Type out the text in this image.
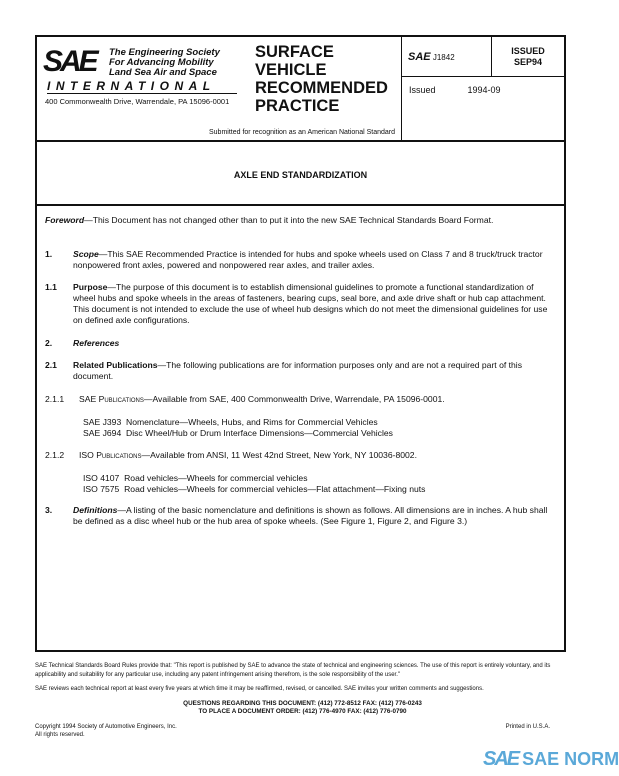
SAE	The Engineering Society
For Advancing Mobility
Land Sea Air and Space
INTERNATIONAL
400 Commonwealth Drive, Warrendale, PA 15096-0001
SURFACE
VEHICLE
RECOMMENDED
PRACTICE
Submitted for recognition as an American National Standard
SAE J1842
ISSUED
SEP94
Issued	1994-09
AXLE END STANDARDIZATION
Foreword—This Document has not changed other than to put it into the new SAE Technical Standards Board Format.
1.	Scope—This SAE Recommended Practice is intended for hubs and spoke wheels used on Class 7 and 8 truck/truck tractor nonpowered front axles, powered and nonpowered rear axles, and trailer axles.
1.1	Purpose—The purpose of this document is to establish dimensional guidelines to promote a functional standardization of wheel hubs and spoke wheels in the areas of fasteners, bearing cups, seal bore, and axle drive shaft or hub cap attachment. This document is not intended to exclude the use of wheel hub designs which do not meet the dimensional guidelines for use on defined axle configurations.
2.	References
2.1	Related Publications—The following publications are for information purposes only and are not a required part of this document.
2.1.1	SAE Publications—Available from SAE, 400 Commonwealth Drive, Warrendale, PA 15096-0001.
SAE J393 Nomenclature—Wheels, Hubs, and Rims for Commercial Vehicles
SAE J694 Disc Wheel/Hub or Drum Interface Dimensions—Commercial Vehicles
2.1.2	ISO Publications—Available from ANSI, 11 West 42nd Street, New York, NY 10036-8002.
ISO 4107 Road vehicles—Wheels for commercial vehicles
ISO 7575 Road vehicles—Wheels for commercial vehicles—Flat attachment—Fixing nuts
3.	Definitions—A listing of the basic nomenclature and definitions is shown as follows. All dimensions are in inches. A hub shall be defined as a disc wheel hub or the hub area of spoke wheels. (See Figure 1, Figure 2, and Figure 3.)
SAE Technical Standards Board Rules provide that: "This report is published by SAE to advance the state of technical and engineering sciences. The use of this report is entirely voluntary, and its applicability and suitability for any particular use, including any patent infringement arising therefrom, is the sole responsibility of the user."
SAE reviews each technical report at least every five years at which time it may be reaffirmed, revised, or cancelled. SAE invites your written comments and suggestions.
QUESTIONS REGARDING THIS DOCUMENT: (412) 772-8512 FAX: (412) 776-0243
TO PLACE A DOCUMENT ORDER: (412) 776-4970 FAX: (412) 776-0790
Copyright 1994 Society of Automotive Engineers, Inc.
All rights reserved.
Printed in U.S.A.
SAE SAE NORM
